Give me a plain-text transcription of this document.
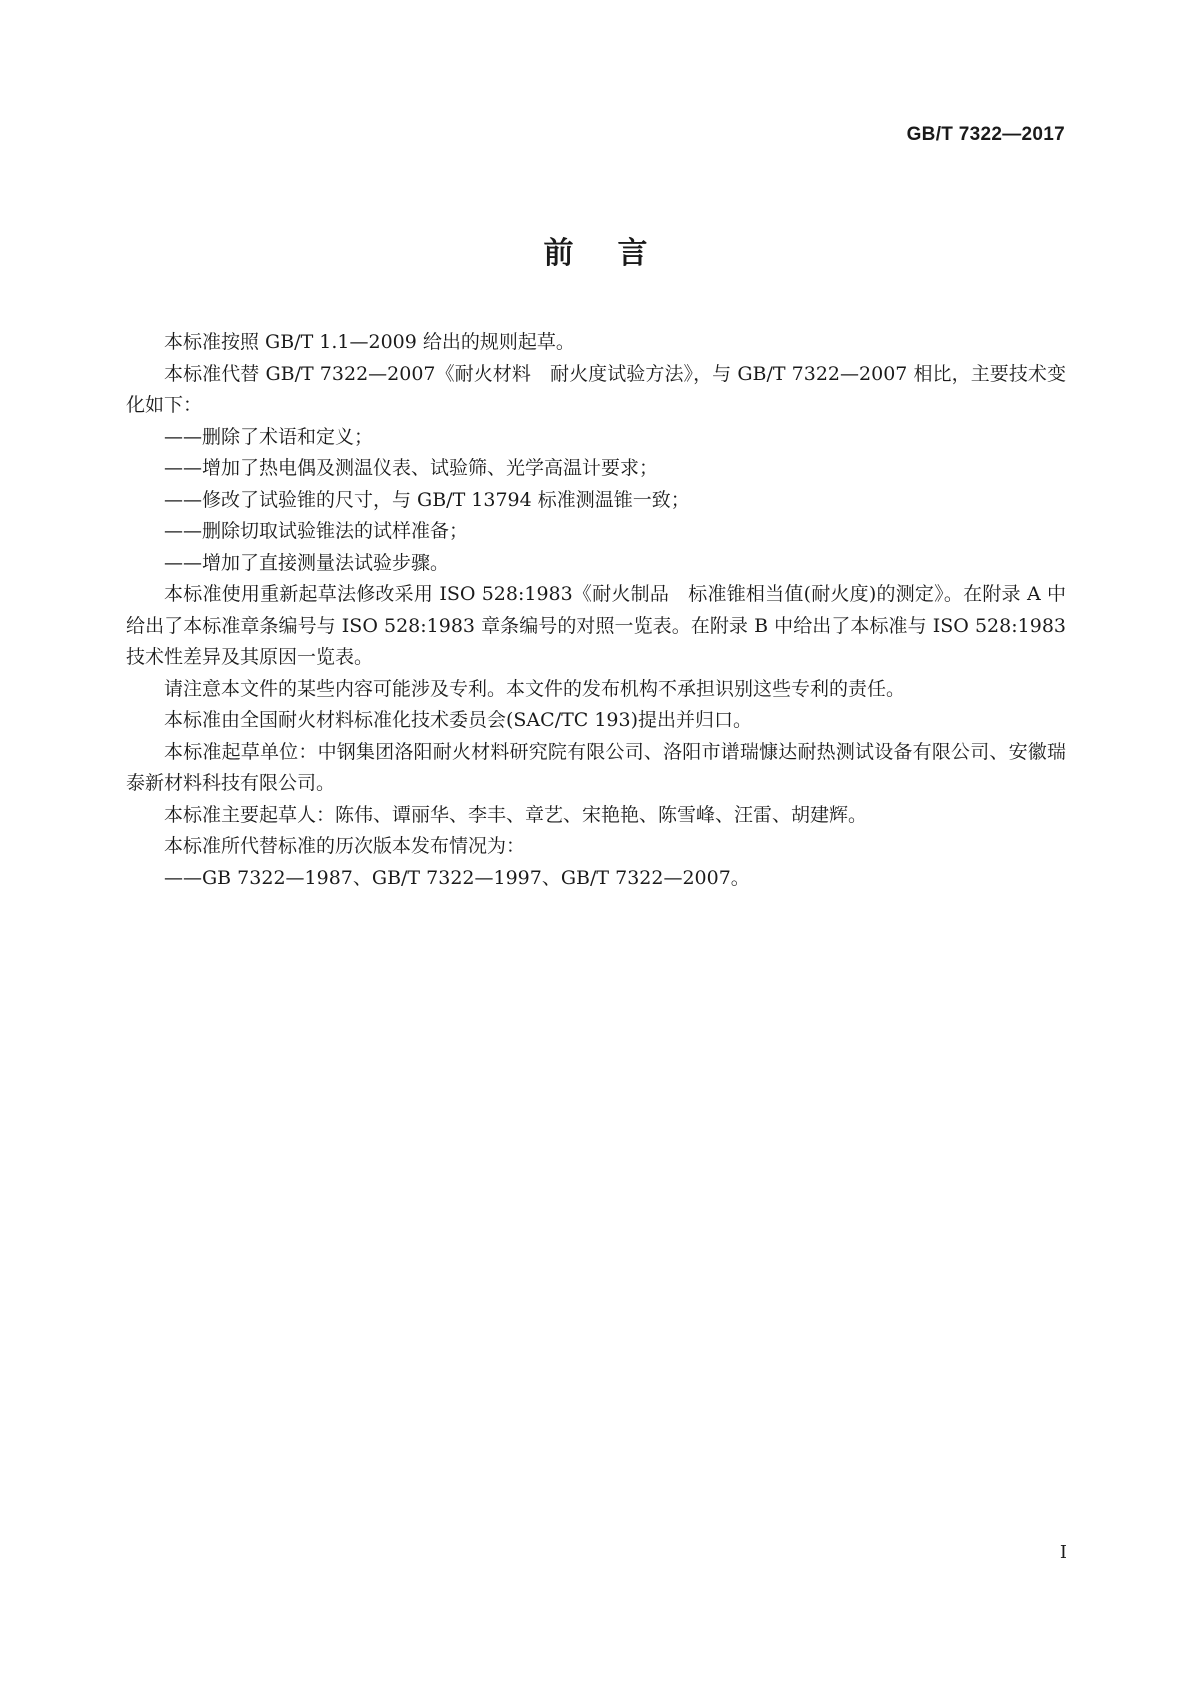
GB/T 7322—2017
前言

本标准按照 GB/T 1.1—2009 给出的规则起草。

本标准代替 GB/T 7322—2007《耐火材料　耐火度试验方法》，与 GB/T 7322—2007 相比，主要技术变化如下：

——删除了术语和定义；

——增加了热电偶及测温仪表、试验筛、光学高温计要求；

——修改了试验锥的尺寸，与 GB/T 13794 标准测温锥一致；

——删除切取试验锥法的试样准备；

——增加了直接测量法试验步骤。

本标准使用重新起草法修改采用 ISO 528:1983《耐火制品　标准锥相当值(耐火度)的测定》。在附录 A 中给出了本标准章条编号与 ISO 528:1983 章条编号的对照一览表。在附录 B 中给出了本标准与 ISO 528:1983 技术性差异及其原因一览表。

请注意本文件的某些内容可能涉及专利。本文件的发布机构不承担识别这些专利的责任。

本标准由全国耐火材料标准化技术委员会(SAC/TC 193)提出并归口。

本标准起草单位：中钢集团洛阳耐火材料研究院有限公司、洛阳市谱瑞慷达耐热测试设备有限公司、安徽瑞泰新材料科技有限公司。

本标准主要起草人：陈伟、谭丽华、李丰、章艺、宋艳艳、陈雪峰、汪雷、胡建辉。

本标准所代替标准的历次版本发布情况为：

——GB 7322—1987、GB/T 7322—1997、GB/T 7322—2007。

I
